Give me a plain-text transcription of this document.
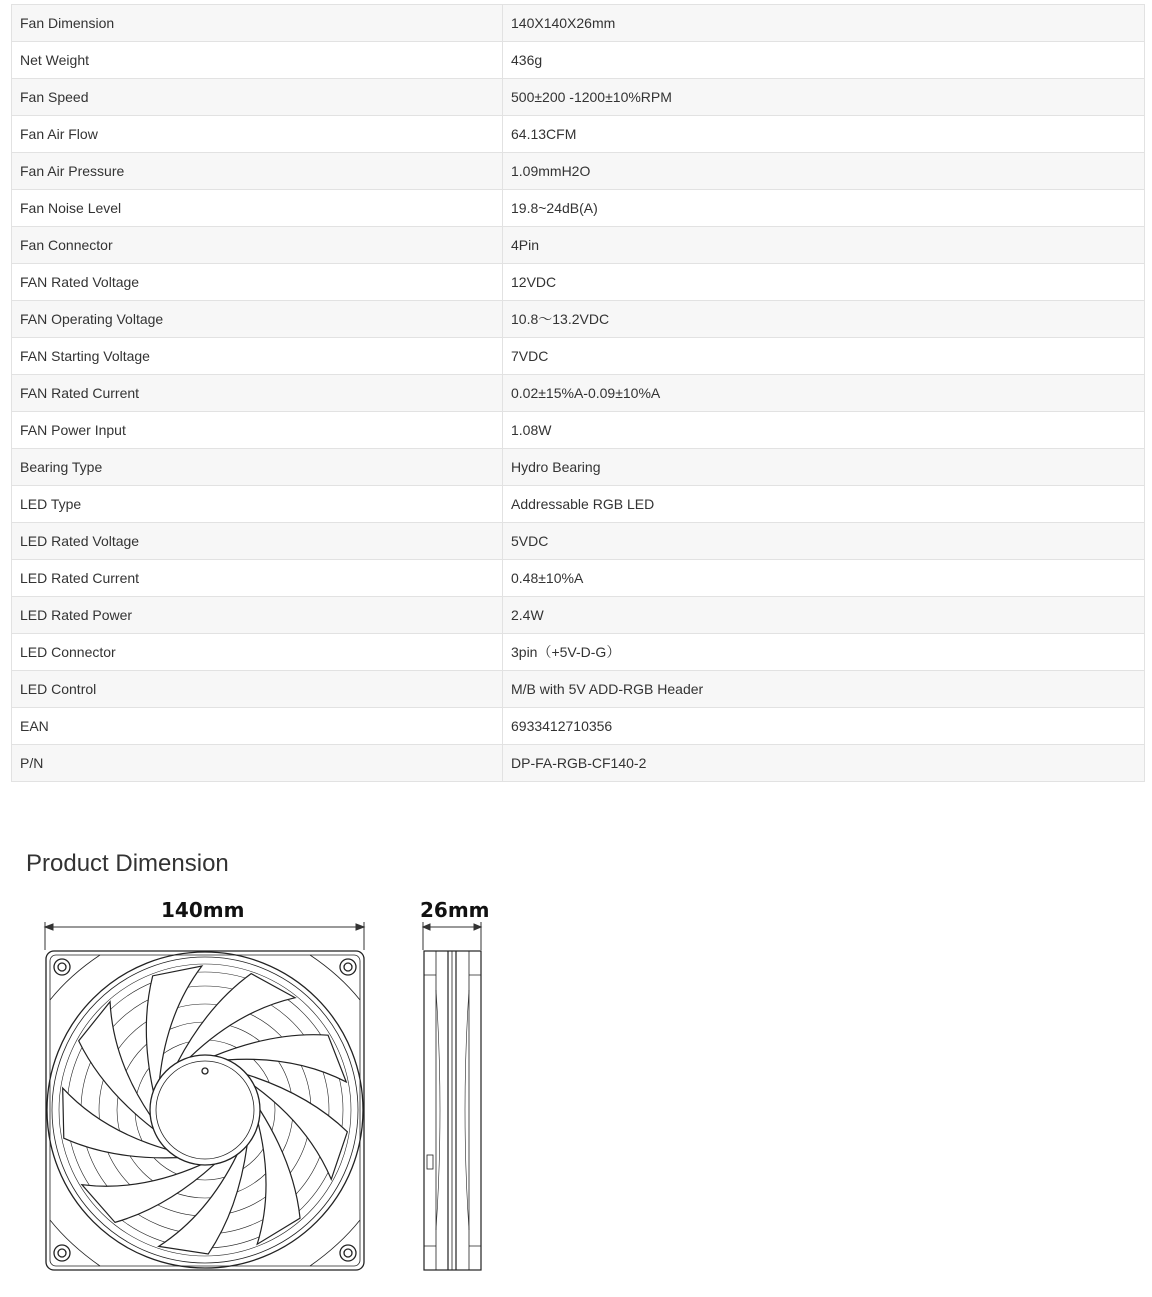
Fan Dimension	140X140X26mm
Net Weight	436g
Fan Speed	500±200 -1200±10%RPM
Fan Air Flow	64.13CFM
Fan Air Pressure	1.09mmH2O
Fan Noise Level	19.8~24dB(A)
Fan Connector	4Pin
FAN Rated Voltage	12VDC
FAN Operating Voltage	10.8～13.2VDC
FAN Starting Voltage	7VDC
FAN Rated Current	0.02±15%A-0.09±10%A
FAN Power Input	1.08W
Bearing Type	Hydro Bearing
LED Type	Addressable RGB LED
LED Rated Voltage	5VDC
LED Rated Current	0.48±10%A
LED Rated Power	2.4W
LED Connector	3pin（+5V-D-G）
LED Control	M/B with 5V ADD-RGB Header
EAN	6933412710356
P/N	DP-FA-RGB-CF140-2
Product Dimension
140mm	26mm
